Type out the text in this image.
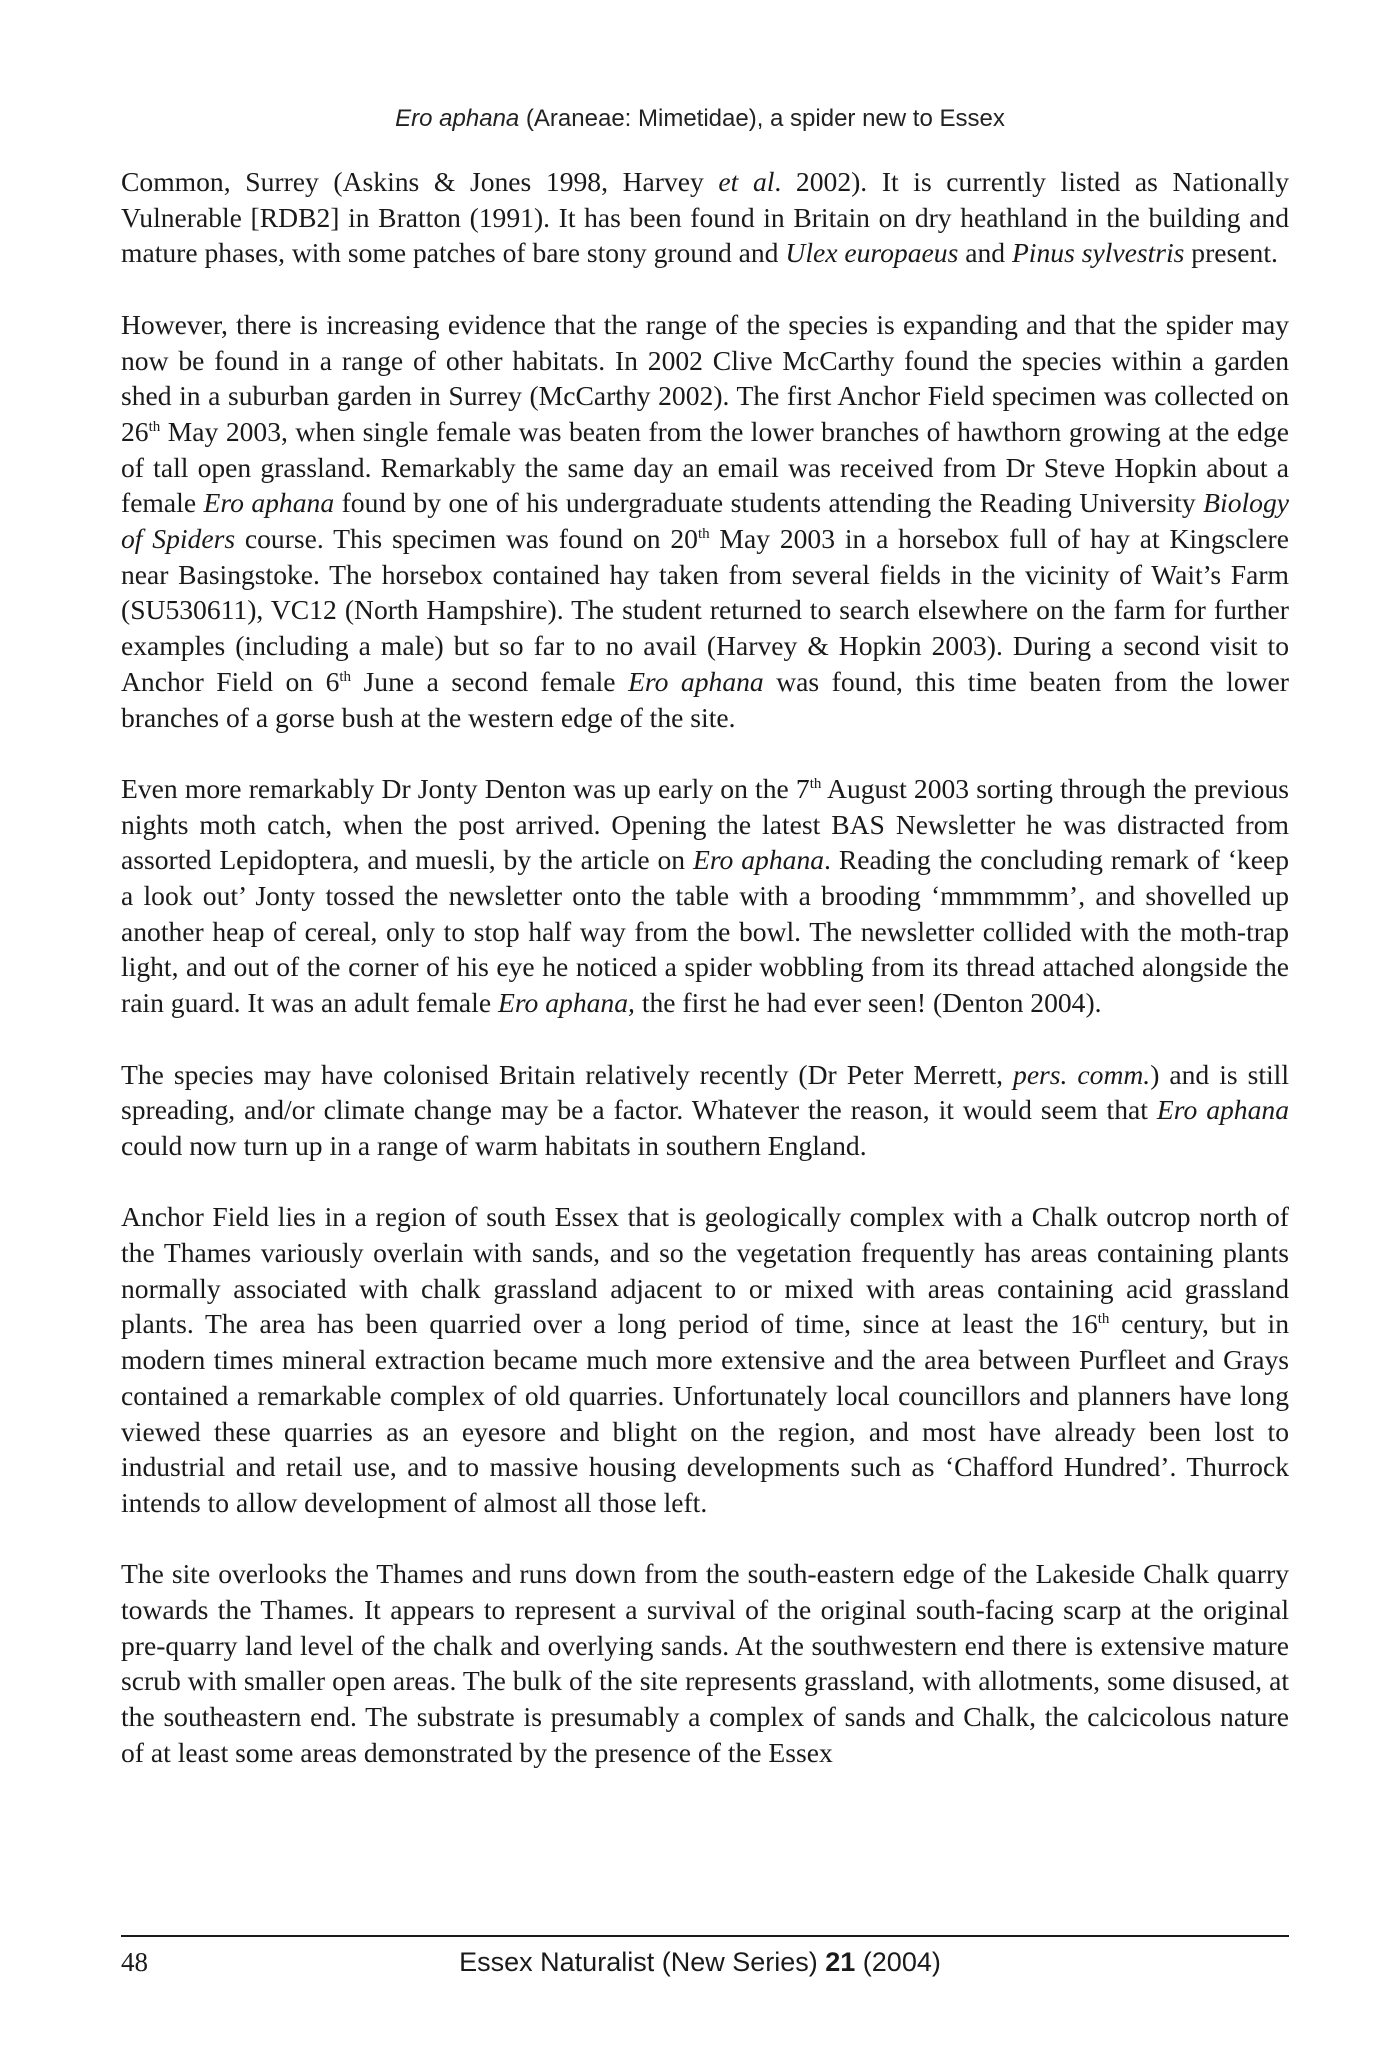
Ero aphana (Araneae: Mimetidae), a spider new to Essex

Common, Surrey (Askins & Jones 1998, Harvey et al. 2002). It is currently listed as Nationally Vulnerable [RDB2] in Bratton (1991). It has been found in Britain on dry heathland in the building and mature phases, with some patches of bare stony ground and Ulex europaeus and Pinus sylvestris present.

However, there is increasing evidence that the range of the species is expanding and that the spider may now be found in a range of other habitats. In 2002 Clive McCarthy found the species within a garden shed in a suburban garden in Surrey (McCarthy 2002). The first Anchor Field specimen was collected on 26th May 2003, when single female was beaten from the lower branches of hawthorn growing at the edge of tall open grassland. Remarkably the same day an email was received from Dr Steve Hopkin about a female Ero aphana found by one of his undergraduate students attending the Reading University Biology of Spiders course. This specimen was found on 20th May 2003 in a horsebox full of hay at Kingsclere near Basingstoke. The horsebox contained hay taken from several fields in the vicinity of Wait’s Farm (SU530611), VC12 (North Hampshire). The student returned to search elsewhere on the farm for further examples (including a male) but so far to no avail (Harvey & Hopkin 2003). During a second visit to Anchor Field on 6th June a second female Ero aphana was found, this time beaten from the lower branches of a gorse bush at the western edge of the site.

Even more remarkably Dr Jonty Denton was up early on the 7th August 2003 sorting through the previous nights moth catch, when the post arrived. Opening the latest BAS Newsletter he was distracted from assorted Lepidoptera, and muesli, by the article on Ero aphana. Reading the concluding remark of ‘keep a look out’ Jonty tossed the newsletter onto the table with a brooding ‘mmmmmm’, and shovelled up another heap of cereal, only to stop half way from the bowl. The newsletter collided with the moth-trap light, and out of the corner of his eye he noticed a spider wobbling from its thread attached alongside the rain guard. It was an adult female Ero aphana, the first he had ever seen! (Denton 2004).

The species may have colonised Britain relatively recently (Dr Peter Merrett, pers. comm.) and is still spreading, and/or climate change may be a factor. Whatever the reason, it would seem that Ero aphana could now turn up in a range of warm habitats in southern England.

Anchor Field lies in a region of south Essex that is geologically complex with a Chalk outcrop north of the Thames variously overlain with sands, and so the vegetation frequently has areas containing plants normally associated with chalk grassland adjacent to or mixed with areas containing acid grassland plants. The area has been quarried over a long period of time, since at least the 16th century, but in modern times mineral extraction became much more extensive and the area between Purfleet and Grays contained a remarkable complex of old quarries. Unfortunately local councillors and planners have long viewed these quarries as an eyesore and blight on the region, and most have already been lost to industrial and retail use, and to massive housing developments such as ‘Chafford Hundred’. Thurrock intends to allow development of almost all those left.

The site overlooks the Thames and runs down from the south-eastern edge of the Lakeside Chalk quarry towards the Thames. It appears to represent a survival of the original south-facing scarp at the original pre-quarry land level of the chalk and overlying sands. At the southwestern end there is extensive mature scrub with smaller open areas. The bulk of the site represents grassland, with allotments, some disused, at the southeastern end. The substrate is presumably a complex of sands and Chalk, the calcicolous nature of at least some areas demonstrated by the presence of the Essex

48	Essex Naturalist (New Series) 21 (2004)
